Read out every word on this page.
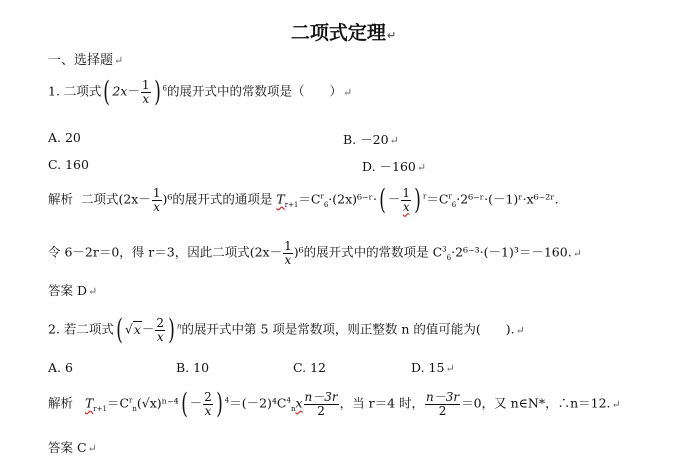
二项式定理↵
一、选择题↵
1. 二项式( $2x- \frac{1}{x}$ ) $^6$的展开式中的常数项是（　　）↵
A. 20	B. －20↵
C. 160	D. －160↵
解析 二项式$(2x- \frac{1}{x} )^6$的展开式的通项是 $T_{r+1}=C^r_6\cdot(2x)^{6-}ʳ\cdot( - \frac{1}{x}$ ) $^r=C^r_6\cdot 2^{6-}ʳ\cdot(-1)ʳ\cdot x^{6-2}ʳ$.
令 6－2r＝0，得 r＝3，因此二项式$(2x- \frac{1}{x} )^6$的展开式中的常数项是 $C^3_6\cdot 2^{6-3}\cdot(-1)^3=-160.↵$
答案 D↵
2. 若二项式( $√x- \frac{2}{x}$ ) $^n$的展开式中第 5 项是常数项，则正整数 n 的值可能为(　　).↵
A. 6	B. 10	C. 12	D. 15↵
解析 $T_{r+1}=C^r_n(√x)^{n-4}( - \frac{2}{x}$ ) $^4=(-2)^4C^4_nx \frac{n-3r}{2}$ ，当 r＝4 时， $\frac{n-3r}{2} =0$，又 n∈N*，∴n＝12.↵
答案 C↵
